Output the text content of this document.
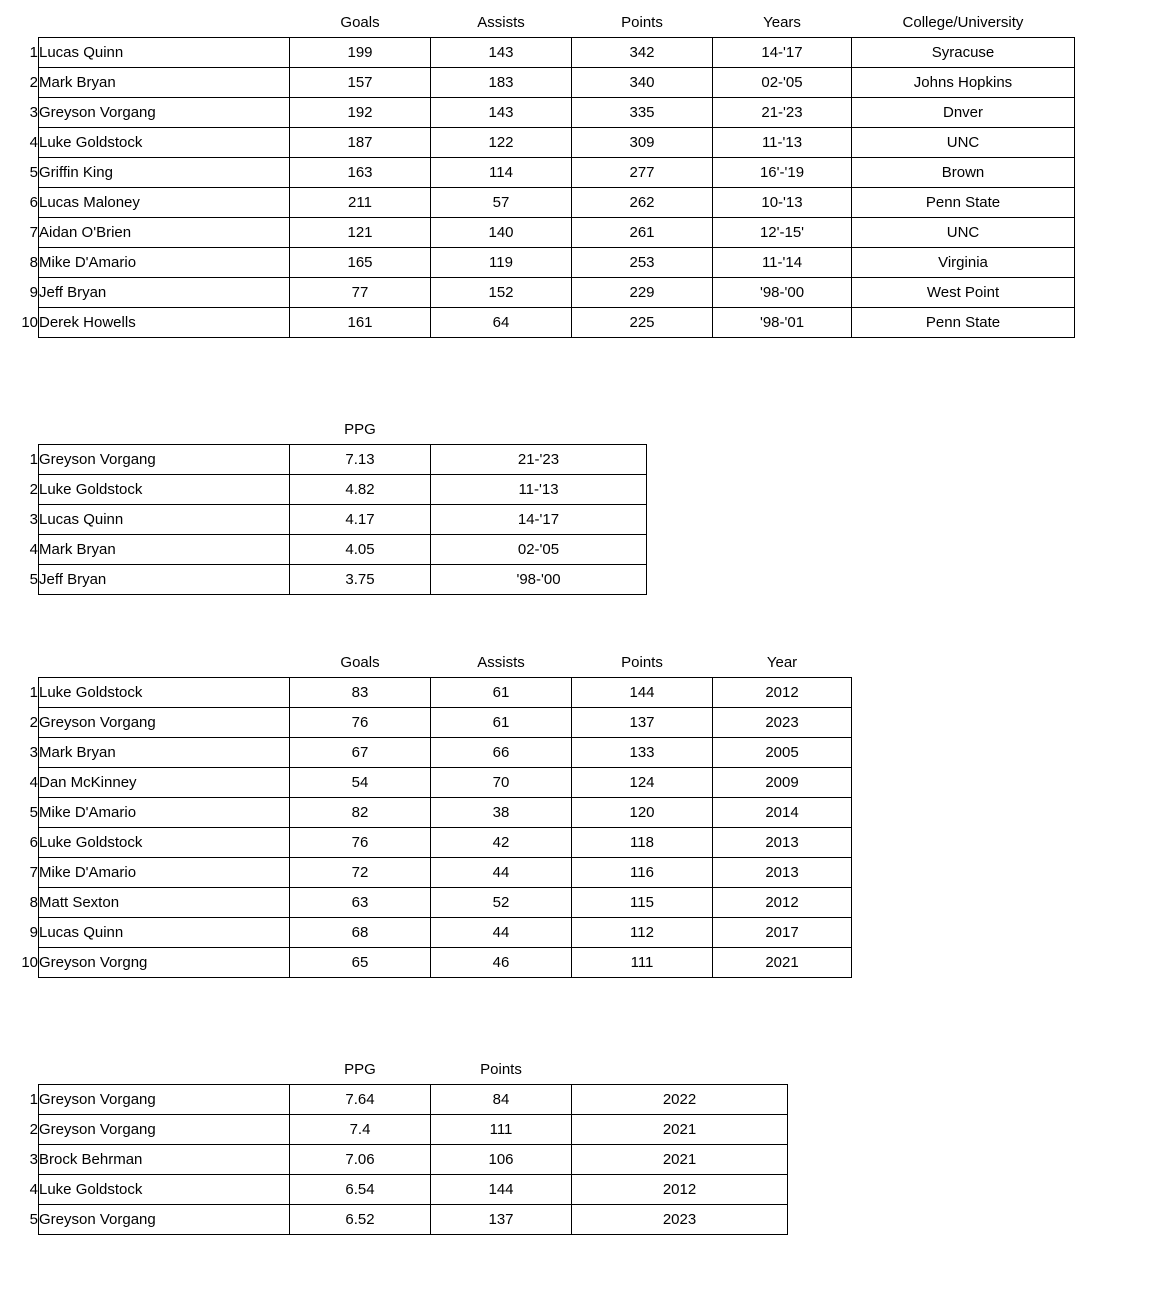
		Goals	Assists	Points	Years	College/University
1	Lucas Quinn	199	143	342	14-'17	Syracuse
2	Mark Bryan	157	183	340	02-'05	Johns Hopkins
3	Greyson Vorgang	192	143	335	21-'23	Dnver
4	Luke Goldstock	187	122	309	11-'13	UNC
5	Griffin King	163	114	277	16'-'19	Brown
6	Lucas Maloney	211	57	262	10-'13	Penn State
7	Aidan O'Brien	121	140	261	12'-15'	UNC
8	Mike D'Amario	165	119	253	11-'14	Virginia
9	Jeff Bryan	77	152	229	'98-'00	West Point
10	Derek Howells	161	64	225	'98-'01	Penn State
		PPG	
1	Greyson Vorgang	7.13	21-'23
2	Luke Goldstock	4.82	11-'13
3	Lucas Quinn	4.17	14-'17
4	Mark Bryan	4.05	02-'05
5	Jeff Bryan	3.75	'98-'00
		Goals	Assists	Points	Year
1	Luke Goldstock	83	61	144	2012
2	Greyson Vorgang	76	61	137	2023
3	Mark Bryan	67	66	133	2005
4	Dan McKinney	54	70	124	2009
5	Mike D'Amario	82	38	120	2014
6	Luke Goldstock	76	42	118	2013
7	Mike D'Amario	72	44	116	2013
8	Matt Sexton	63	52	115	2012
9	Lucas Quinn	68	44	112	2017
10	Greyson Vorgng	65	46	111	2021
		PPG	Points	
1	Greyson Vorgang	7.64	84	2022
2	Greyson Vorgang	7.4	111	2021
3	Brock Behrman	7.06	106	2021
4	Luke Goldstock	6.54	144	2012
5	Greyson Vorgang	6.52	137	2023
